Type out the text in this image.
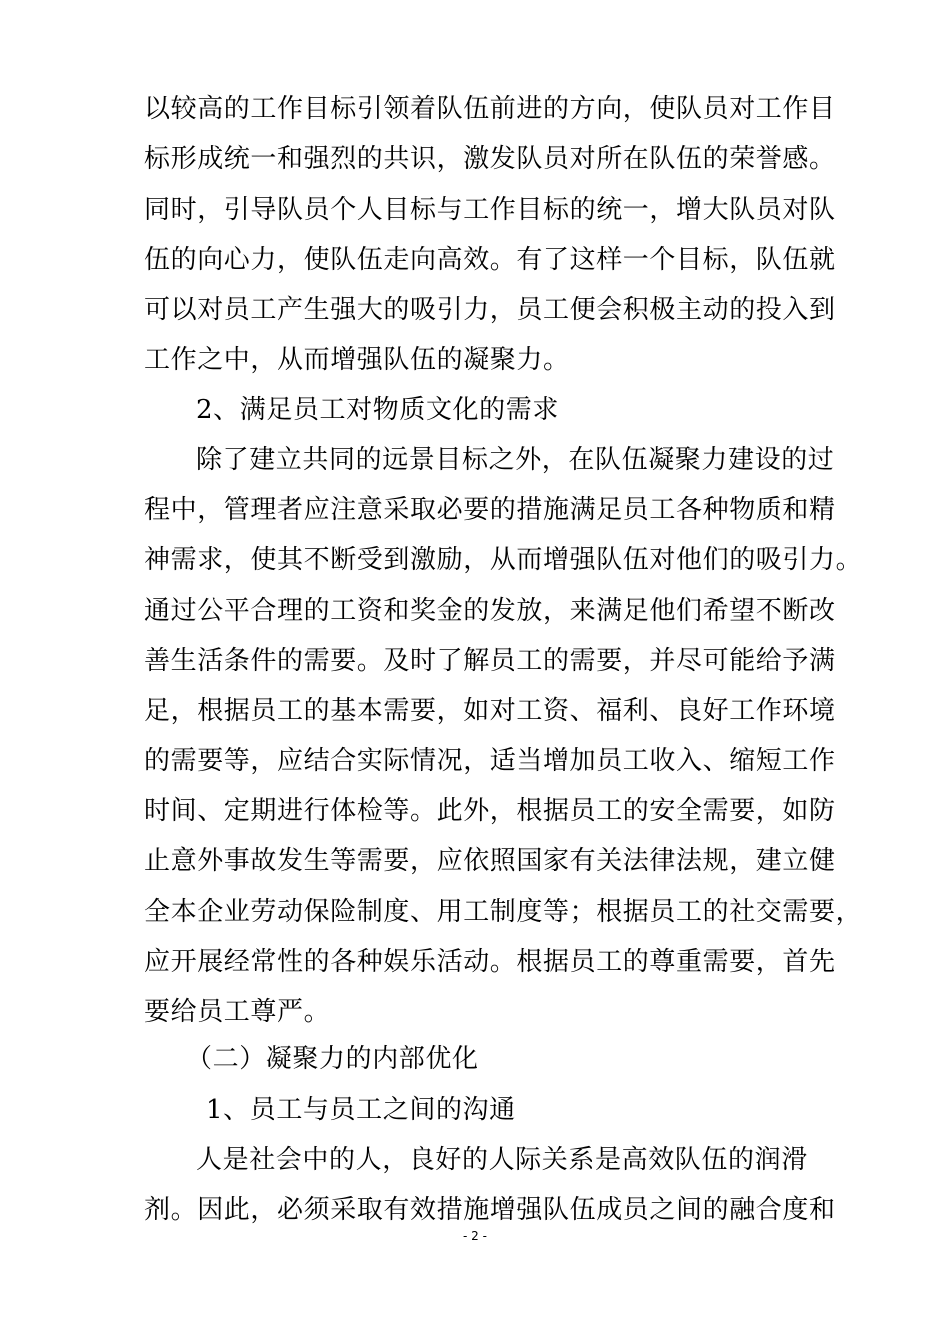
以较高的工作目标引领着队伍前进的方向，使队员对工作目
标形成统一和强烈的共识，激发队员对所在队伍的荣誉感。
同时，引导队员个人目标与工作目标的统一，增大队员对队
伍的向心力，使队伍走向高效。有了这样一个目标，队伍就
可以对员工产生强大的吸引力，员工便会积极主动的投入到
工作之中，从而增强队伍的凝聚力。
2、满足员工对物质文化的需求
除了建立共同的远景目标之外，在队伍凝聚力建设的过
程中，管理者应注意采取必要的措施满足员工各种物质和精
神需求，使其不断受到激励，从而增强队伍对他们的吸引力。
通过公平合理的工资和奖金的发放，来满足他们希望不断改
善生活条件的需要。及时了解员工的需要，并尽可能给予满
足，根据员工的基本需要，如对工资、福利、良好工作环境
的需要等，应结合实际情况，适当增加员工收入、缩短工作
时间、定期进行体检等。此外，根据员工的安全需要，如防
止意外事故发生等需要，应依照国家有关法律法规，建立健
全本企业劳动保险制度、用工制度等；根据员工的社交需要，
应开展经常性的各种娱乐活动。根据员工的尊重需要，首先
要给员工尊严。
（二）凝聚力的内部优化
1、员工与员工之间的沟通
人是社会中的人，良好的人际关系是高效队伍的润滑
剂。因此，必须采取有效措施增强队伍成员之间的融合度和
- 2 -
